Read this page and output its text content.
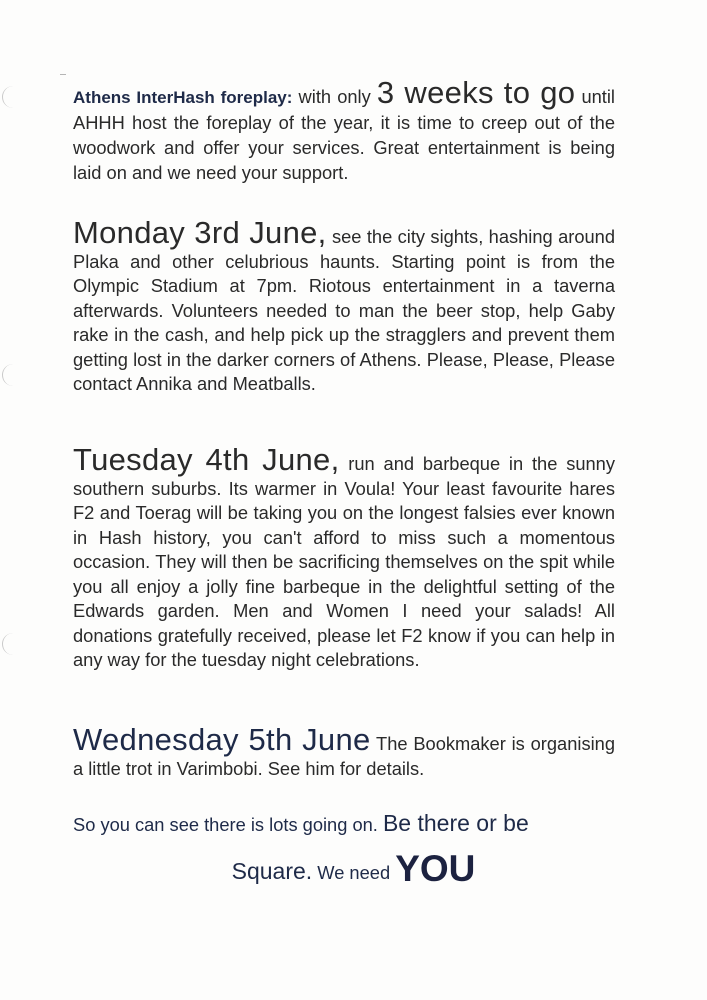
Athens InterHash foreplay: with only 3 weeks to go until AHHH host the foreplay of the year, it is time to creep out of the woodwork and offer your services. Great entertainment is being laid on and we need your support.

Monday 3rd June, see the city sights, hashing around Plaka and other celubrious haunts. Starting point is from the Olympic Stadium at 7pm. Riotous entertainment in a taverna afterwards. Volunteers needed to man the beer stop, help Gaby rake in the cash, and help pick up the stragglers and prevent them getting lost in the darker corners of Athens. Please, Please, Please contact Annika and Meatballs.

Tuesday 4th June, run and barbeque in the sunny southern suburbs. Its warmer in Voula! Your least favourite hares F2 and Toerag will be taking you on the longest falsies ever known in Hash history, you can't afford to miss such a momentous occasion. They will then be sacrificing themselves on the spit while you all enjoy a jolly fine barbeque in the delightful setting of the Edwards garden. Men and Women I need your salads! All donations gratefully received, please let F2 know if you can help in any way for the tuesday night celebrations.

Wednesday 5th June The Bookmaker is organising a little trot in Varimbobi. See him for details.

So you can see there is lots going on. Be there or be

Square. We need YOU
